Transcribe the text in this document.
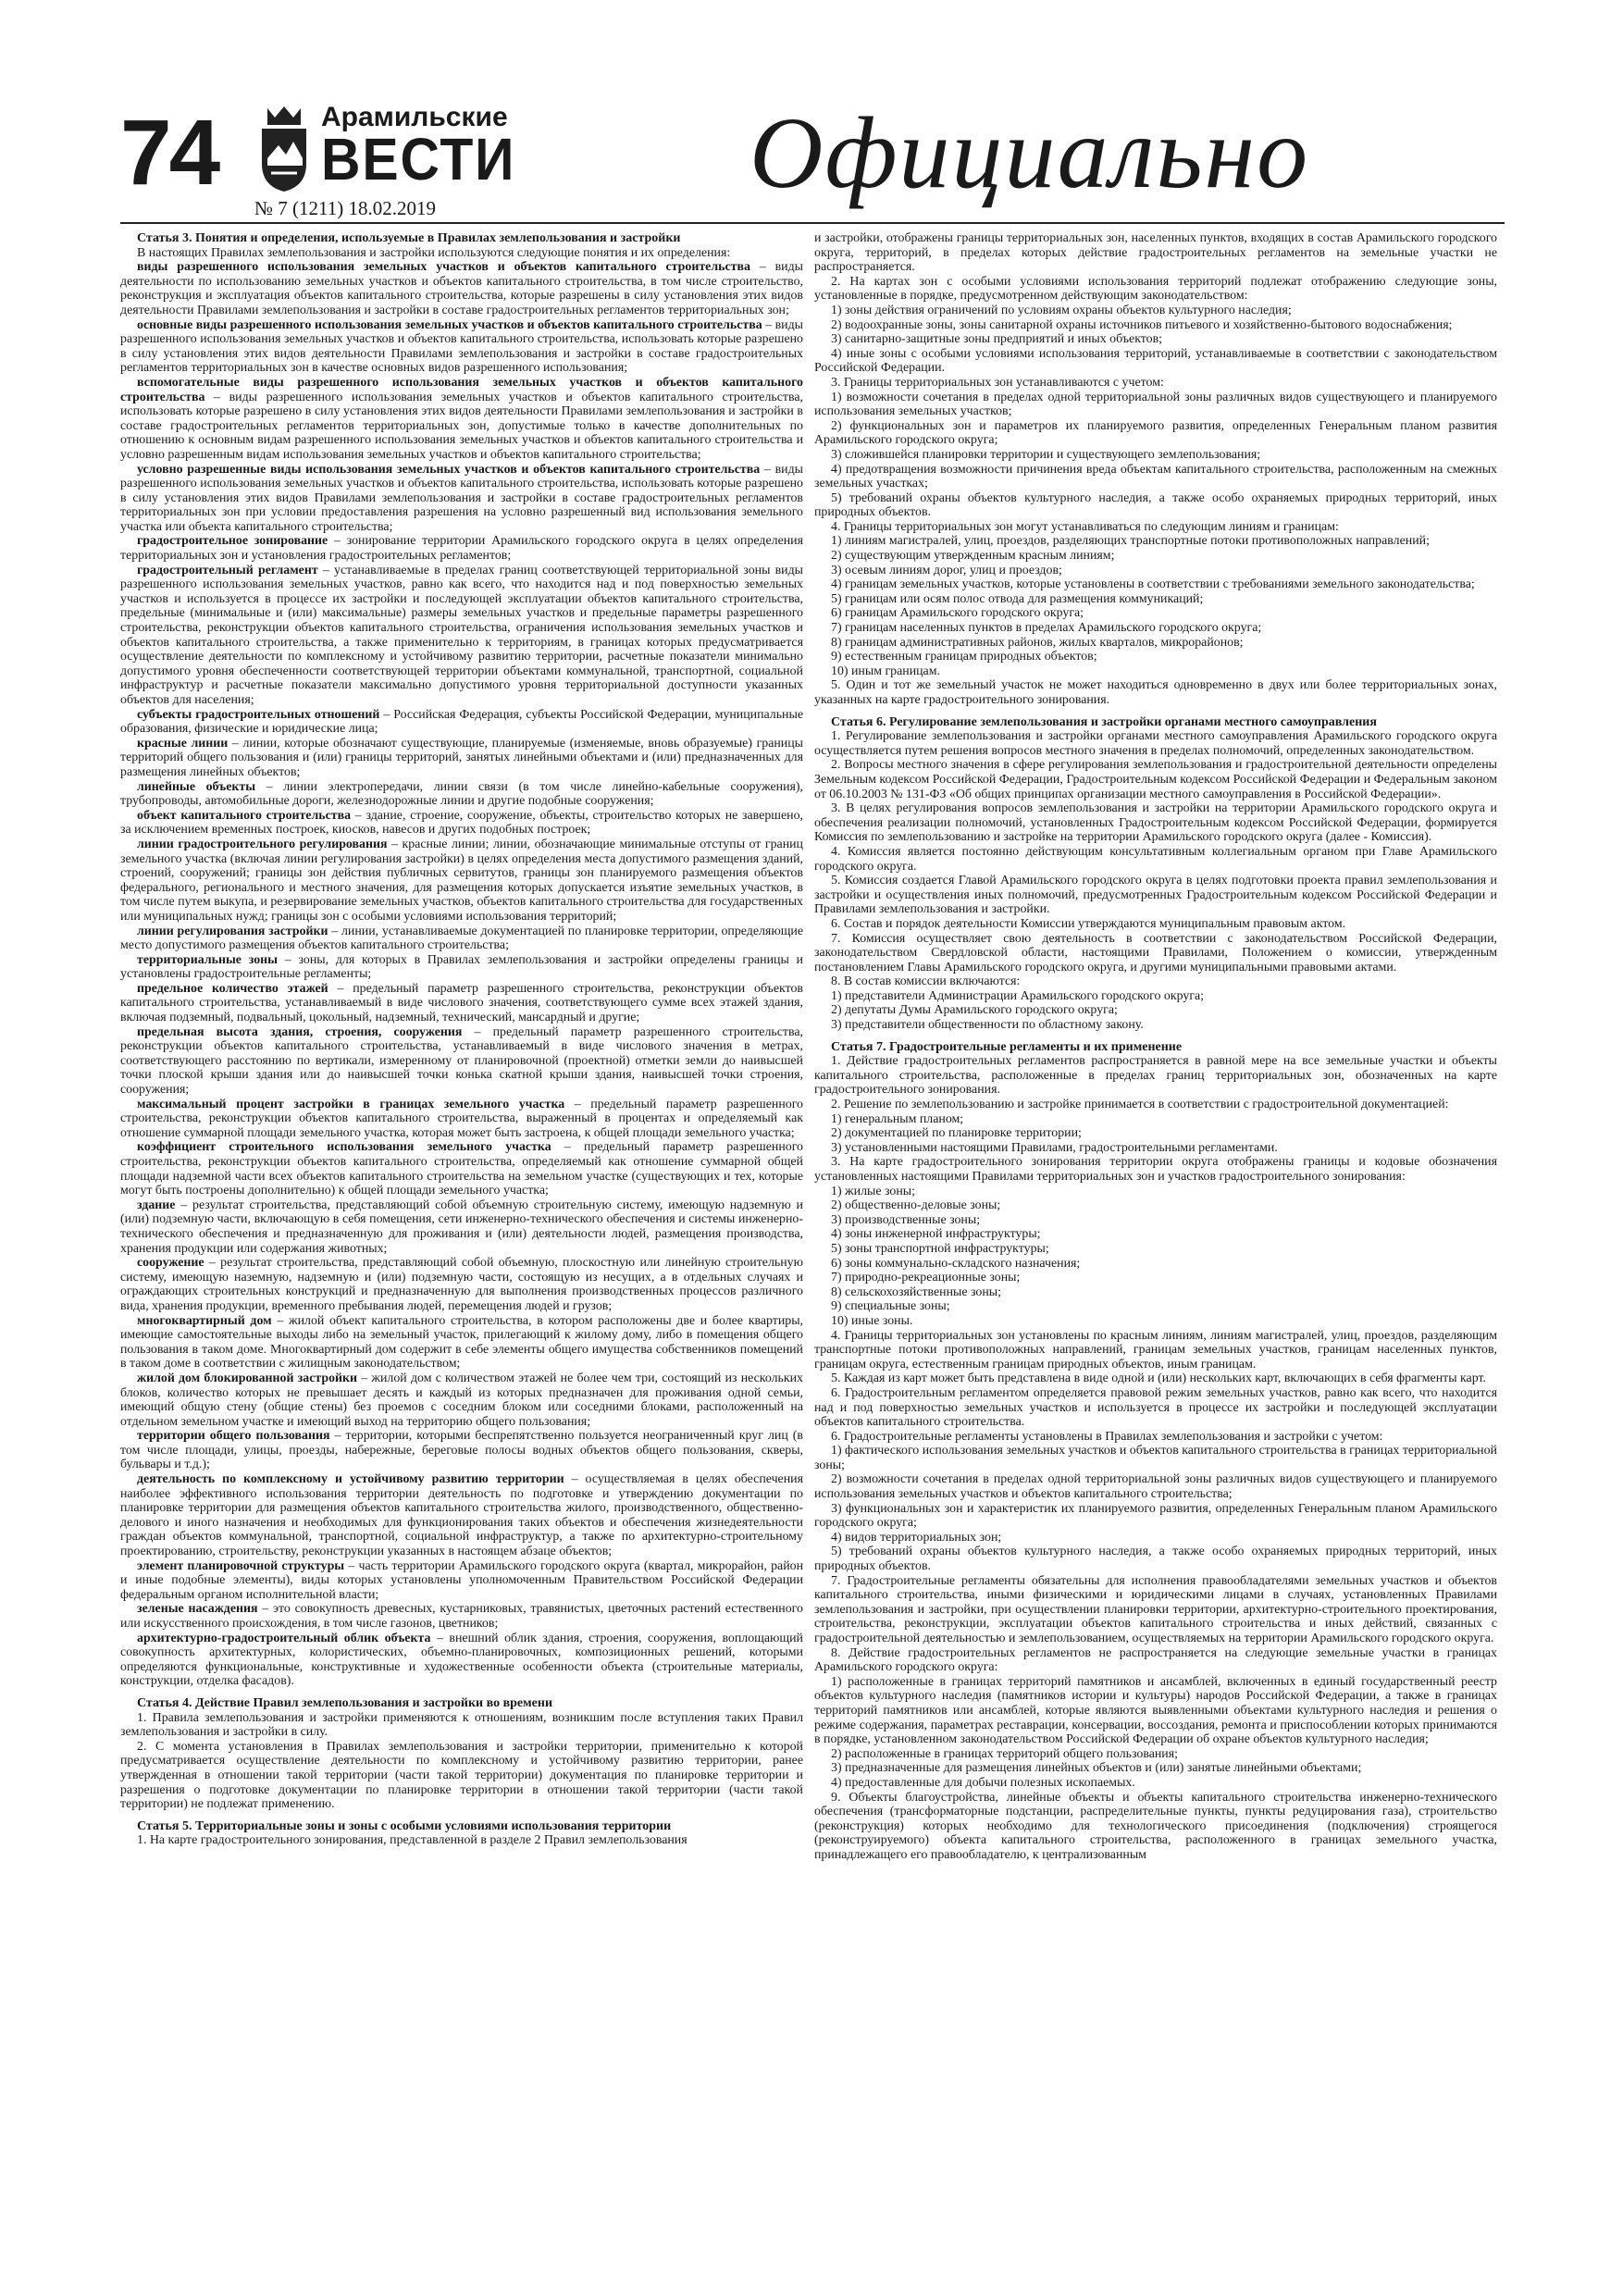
74	Арамильские
ВЕСТИ
№ 7 (1211) 18.02.2019	Официально
Статья 3. Понятия и определения, используемые в Правилах землепользования и застройки

В настоящих Правилах землепользования и застройки используются следующие понятия и их определения:

виды разрешенного использования земельных участков и объектов капитального строительства – виды деятельности по использованию земельных участков и объектов капитального строительства, в том числе строительство, реконструкция и эксплуатация объектов капитального строительства, которые разрешены в силу установления этих видов деятельности Правилами землепользования и застройки в составе градостроительных регламентов территориальных зон;

основные виды разрешенного использования земельных участков и объектов капитального строительства – виды разрешенного использования земельных участков и объектов капитального строительства, использовать которые разрешено в силу установления этих видов деятельности Правилами землепользования и застройки в составе градостроительных регламентов территориальных зон в качестве основных видов разрешенного использования;

вспомогательные виды разрешенного использования земельных участков и объектов капитального строительства – виды разрешенного использования земельных участков и объектов капитального строительства, использовать которые разрешено в силу установления этих видов деятельности Правилами землепользования и застройки в составе градостроительных регламентов территориальных зон, допустимые только в качестве дополнительных по отношению к основным видам разрешенного использования земельных участков и объектов капитального строительства и условно разрешенным видам использования земельных участков и объектов капитального строительства;

условно разрешенные виды использования земельных участков и объектов капитального строительства – виды разрешенного использования земельных участков и объектов капитального строительства, использовать которые разрешено в силу установления этих видов Правилами землепользования и застройки в составе градостроительных регламентов территориальных зон при условии предоставления разрешения на условно разрешенный вид использования земельного участка или объекта капитального строительства;

градостроительное зонирование – зонирование территории Арамильского городского округа в целях определения территориальных зон и установления градостроительных регламентов;

градостроительный регламент – устанавливаемые в пределах границ соответствующей территориальной зоны виды разрешенного использования земельных участков, равно как всего, что находится над и под поверхностью земельных участков и используется в процессе их застройки и последующей эксплуатации объектов капитального строительства, предельные (минимальные и (или) максимальные) размеры земельных участков и предельные параметры разрешенного строительства, реконструкции объектов капитального строительства, ограничения использования земельных участков и объектов капитального строительства, а также применительно к территориям, в границах которых предусматривается осуществление деятельности по комплексному и устойчивому развитию территории, расчетные показатели минимально допустимого уровня обеспеченности соответствующей территории объектами коммунальной, транспортной, социальной инфраструктур и расчетные показатели максимально допустимого уровня территориальной доступности указанных объектов для населения;

субъекты градостроительных отношений – Российская Федерация, субъекты Российской Федерации, муниципальные образования, физические и юридические лица;

красные линии – линии, которые обозначают существующие, планируемые (изменяемые, вновь образуемые) границы территорий общего пользования и (или) границы территорий, занятых линейными объектами и (или) предназначенных для размещения линейных объектов;

линейные объекты – линии электропередачи, линии связи (в том числе линейно-кабельные сооружения), трубопроводы, автомобильные дороги, железнодорожные линии и другие подобные сооружения;

объект капитального строительства – здание, строение, сооружение, объекты, строительство которых не завершено, за исключением временных построек, киосков, навесов и других подобных построек;

линии градостроительного регулирования – красные линии; линии, обозначающие минимальные отступы от границ земельного участка (включая линии регулирования застройки) в целях определения места допустимого размещения зданий, строений, сооружений; границы зон действия публичных сервитутов, границы зон планируемого размещения объектов федерального, регионального и местного значения, для размещения которых допускается изъятие земельных участков, в том числе путем выкупа, и резервирование земельных участков, объектов капитального строительства для государственных или муниципальных нужд; границы зон с особыми условиями использования территорий;

линии регулирования застройки – линии, устанавливаемые документацией по планировке территории, определяющие место допустимого размещения объектов капитального строительства;

территориальные зоны – зоны, для которых в Правилах землепользования и застройки определены границы и установлены градостроительные регламенты;

предельное количество этажей – предельный параметр разрешенного строительства, реконструкции объектов капитального строительства, устанавливаемый в виде числового значения, соответствующего сумме всех этажей здания, включая подземный, подвальный, цокольный, надземный, технический, мансардный и другие;

предельная высота здания, строения, сооружения – предельный параметр разрешенного строительства, реконструкции объектов капитального строительства, устанавливаемый в виде числового значения в метрах, соответствующего расстоянию по вертикали, измеренному от планировочной (проектной) отметки земли до наивысшей точки плоской крыши здания или до наивысшей точки конька скатной крыши здания, наивысшей точки строения, сооружения;

максимальный процент застройки в границах земельного участка – предельный параметр разрешенного строительства, реконструкции объектов капитального строительства, выраженный в процентах и определяемый как отношение суммарной площади земельного участка, которая может быть застроена, к общей площади земельного участка;

коэффициент строительного использования земельного участка – предельный параметр разрешенного строительства, реконструкции объектов капитального строительства, определяемый как отношение суммарной общей площади надземной части всех объектов капитального строительства на земельном участке (существующих и тех, которые могут быть построены дополнительно) к общей площади земельного участка;

здание – результат строительства, представляющий собой объемную строительную систему, имеющую надземную и (или) подземную части, включающую в себя помещения, сети инженерно-технического обеспечения и системы инженерно-технического обеспечения и предназначенную для проживания и (или) деятельности людей, размещения производства, хранения продукции или содержания животных;

сооружение – результат строительства, представляющий собой объемную, плоскостную или линейную строительную систему, имеющую наземную, надземную и (или) подземную части, состоящую из несущих, а в отдельных случаях и ограждающих строительных конструкций и предназначенную для выполнения производственных процессов различного вида, хранения продукции, временного пребывания людей, перемещения людей и грузов;

многоквартирный дом – жилой объект капитального строительства, в котором расположены две и более квартиры, имеющие самостоятельные выходы либо на земельный участок, прилегающий к жилому дому, либо в помещения общего пользования в таком доме. Многоквартирный дом содержит в себе элементы общего имущества собственников помещений в таком доме в соответствии с жилищным законодательством;

жилой дом блокированной застройки – жилой дом с количеством этажей не более чем три, состоящий из нескольких блоков, количество которых не превышает десять и каждый из которых предназначен для проживания одной семьи, имеющий общую стену (общие стены) без проемов с соседним блоком или соседними блоками, расположенный на отдельном земельном участке и имеющий выход на территорию общего пользования;

территории общего пользования – территории, которыми беспрепятственно пользуется неограниченный круг лиц (в том числе площади, улицы, проезды, набережные, береговые полосы водных объектов общего пользования, скверы, бульвары и т.д.);

деятельность по комплексному и устойчивому развитию территории – осуществляемая в целях обеспечения наиболее эффективного использования территории деятельность по подготовке и утверждению документации по планировке территории для размещения объектов капитального строительства жилого, производственного, общественно-делового и иного назначения и необходимых для функционирования таких объектов и обеспечения жизнедеятельности граждан объектов коммунальной, транспортной, социальной инфраструктур, а также по архитектурно-строительному проектированию, строительству, реконструкции указанных в настоящем абзаце объектов;

элемент планировочной структуры – часть территории Арамильского городского округа (квартал, микрорайон, район и иные подобные элементы), виды которых установлены уполномоченным Правительством Российской Федерации федеральным органом исполнительной власти;

зеленые насаждения – это совокупность древесных, кустарниковых, травянистых, цветочных растений естественного или искусственного происхождения, в том числе газонов, цветников;

архитектурно-градостроительный облик объекта – внешний облик здания, строения, сооружения, воплощающий совокупность архитектурных, колористических, объемно-планировочных, композиционных решений, которыми определяются функциональные, конструктивные и художественные особенности объекта (строительные материалы, конструкции, отделка фасадов).

Статья 4. Действие Правил землепользования и застройки во времени

1. Правила землепользования и застройки применяются к отношениям, возникшим после вступления таких Правил землепользования и застройки в силу.

2. С момента установления в Правилах землепользования и застройки территории, применительно к которой предусматривается осуществление деятельности по комплексному и устойчивому развитию территории, ранее утвержденная в отношении такой территории (части такой территории) документация по планировке территории и разрешения о подготовке документации по планировке территории в отношении такой территории (части такой территории) не подлежат применению.

Статья 5. Территориальные зоны и зоны с особыми условиями использования территории

1. На карте градостроительного зонирования, представленной в разделе 2 Правил землепользования

и застройки, отображены границы территориальных зон, населенных пунктов, входящих в состав Арамильского городского округа, территорий, в пределах которых действие градостроительных регламентов на земельные участки не распространяется.

2. На картах зон с особыми условиями использования территорий подлежат отображению следующие зоны, установленные в порядке, предусмотренном действующим законодательством:

1) зоны действия ограничений по условиям охраны объектов культурного наследия;

2) водоохранные зоны, зоны санитарной охраны источников питьевого и хозяйственно-бытового водоснабжения;

3) санитарно-защитные зоны предприятий и иных объектов;

4) иные зоны с особыми условиями использования территорий, устанавливаемые в соответствии с законодательством Российской Федерации.

3. Границы территориальных зон устанавливаются с учетом:

1) возможности сочетания в пределах одной территориальной зоны различных видов существующего и планируемого использования земельных участков;

2) функциональных зон и параметров их планируемого развития, определенных Генеральным планом развития Арамильского городского округа;

3) сложившейся планировки территории и существующего землепользования;

4) предотвращения возможности причинения вреда объектам капитального строительства, расположенным на смежных земельных участках;

5) требований охраны объектов культурного наследия, а также особо охраняемых природных территорий, иных природных объектов.

4. Границы территориальных зон могут устанавливаться по следующим линиям и границам:

1) линиям магистралей, улиц, проездов, разделяющих транспортные потоки противоположных направлений;

2) существующим утвержденным красным линиям;

3) осевым линиям дорог, улиц и проездов;

4) границам земельных участков, которые установлены в соответствии с требованиями земельного законодательства;

5) границам или осям полос отвода для размещения коммуникаций;

6) границам Арамильского городского округа;

7) границам населенных пунктов в пределах Арамильского городского округа;

8) границам административных районов, жилых кварталов, микрорайонов;

9) естественным границам природных объектов;

10) иным границам.

5. Один и тот же земельный участок не может находиться одновременно в двух или более территориальных зонах, указанных на карте градостроительного зонирования.

Статья 6. Регулирование землепользования и застройки органами местного самоуправления

1. Регулирование землепользования и застройки органами местного самоуправления Арамильского городского округа осуществляется путем решения вопросов местного значения в пределах полномочий, определенных законодательством.

2. Вопросы местного значения в сфере регулирования землепользования и градостроительной деятельности определены Земельным кодексом Российской Федерации, Градостроительным кодексом Российской Федерации и Федеральным законом от 06.10.2003 № 131-ФЗ «Об общих принципах организации местного самоуправления в Российской Федерации».

3. В целях регулирования вопросов землепользования и застройки на территории Арамильского городского округа и обеспечения реализации полномочий, установленных Градостроительным кодексом Российской Федерации, формируется Комиссия по землепользованию и застройке на территории Арамильского городского округа (далее - Комиссия).

4. Комиссия является постоянно действующим консультативным коллегиальным органом при Главе Арамильского городского округа.

5. Комиссия создается Главой Арамильского городского округа в целях подготовки проекта правил землепользования и застройки и осуществления иных полномочий, предусмотренных Градостроительным кодексом Российской Федерации и Правилами землепользования и застройки.

6. Состав и порядок деятельности Комиссии утверждаются муниципальным правовым актом.

7. Комиссия осуществляет свою деятельность в соответствии с законодательством Российской Федерации, законодательством Свердловской области, настоящими Правилами, Положением о комиссии, утвержденным постановлением Главы Арамильского городского округа, и другими муниципальными правовыми актами.

8. В состав комиссии включаются:

1) представители Администрации Арамильского городского округа;

2) депутаты Думы Арамильского городского округа;

3) представители общественности по областному закону.

Статья 7. Градостроительные регламенты и их применение

1. Действие градостроительных регламентов распространяется в равной мере на все земельные участки и объекты капитального строительства, расположенные в пределах границ территориальных зон, обозначенных на карте градостроительного зонирования.

2. Решение по землепользованию и застройке принимается в соответствии с градостроительной документацией:

1) генеральным планом;

2) документацией по планировке территории;

3) установленными настоящими Правилами, градостроительными регламентами.

3. На карте градостроительного зонирования территории округа отображены границы и кодовые обозначения установленных настоящими Правилами территориальных зон и участков градостроительного зонирования:

1) жилые зоны;

2) общественно-деловые зоны;

3) производственные зоны;

4) зоны инженерной инфраструктуры;

5) зоны транспортной инфраструктуры;

6) зоны коммунально-складского назначения;

7) природно-рекреационные зоны;

8) сельскохозяйственные зоны;

9) специальные зоны;

10) иные зоны.

4. Границы территориальных зон установлены по красным линиям, линиям магистралей, улиц, проездов, разделяющим транспортные потоки противоположных направлений, границам земельных участков, границам населенных пунктов, границам округа, естественным границам природных объектов, иным границам.

5. Каждая из карт может быть представлена в виде одной и (или) нескольких карт, включающих в себя фрагменты карт.

6. Градостроительным регламентом определяется правовой режим земельных участков, равно как всего, что находится над и под поверхностью земельных участков и используется в процессе их застройки и последующей эксплуатации объектов капитального строительства.

6. Градостроительные регламенты установлены в Правилах землепользования и застройки с учетом:

1) фактического использования земельных участков и объектов капитального строительства в границах территориальной зоны;

2) возможности сочетания в пределах одной территориальной зоны различных видов существующего и планируемого использования земельных участков и объектов капитального строительства;

3) функциональных зон и характеристик их планируемого развития, определенных Генеральным планом Арамильского городского округа;

4) видов территориальных зон;

5) требований охраны объектов культурного наследия, а также особо охраняемых природных территорий, иных природных объектов.

7. Градостроительные регламенты обязательны для исполнения правообладателями земельных участков и объектов капитального строительства, иными физическими и юридическими лицами в случаях, установленных Правилами землепользования и застройки, при осуществлении планировки территории, архитектурно-строительного проектирования, строительства, реконструкции, эксплуатации объектов капитального строительства и иных действий, связанных с градостроительной деятельностью и землепользованием, осуществляемых на территории Арамильского городского округа.

8. Действие градостроительных регламентов не распространяется на следующие земельные участки в границах Арамильского городского округа:

1) расположенные в границах территорий памятников и ансамблей, включенных в единый государственный реестр объектов культурного наследия (памятников истории и культуры) народов Российской Федерации, а также в границах территорий памятников или ансамблей, которые являются выявленными объектами культурного наследия и решения о режиме содержания, параметрах реставрации, консервации, воссоздания, ремонта и приспособлении которых принимаются в порядке, установленном законодательством Российской Федерации об охране объектов культурного наследия;

2) расположенные в границах территорий общего пользования;

3) предназначенные для размещения линейных объектов и (или) занятые линейными объектами;

4) предоставленные для добычи полезных ископаемых.

9. Объекты благоустройства, линейные объекты и объекты капитального строительства инженерно-технического обеспечения (трансформаторные подстанции, распределительные пункты, пункты редуцирования газа), строительство (реконструкция) которых необходимо для технологического присоединения (подключения) строящегося (реконструируемого) объекта капитального строительства, расположенного в границах земельного участка, принадлежащего его правообладателю, к централизованным
